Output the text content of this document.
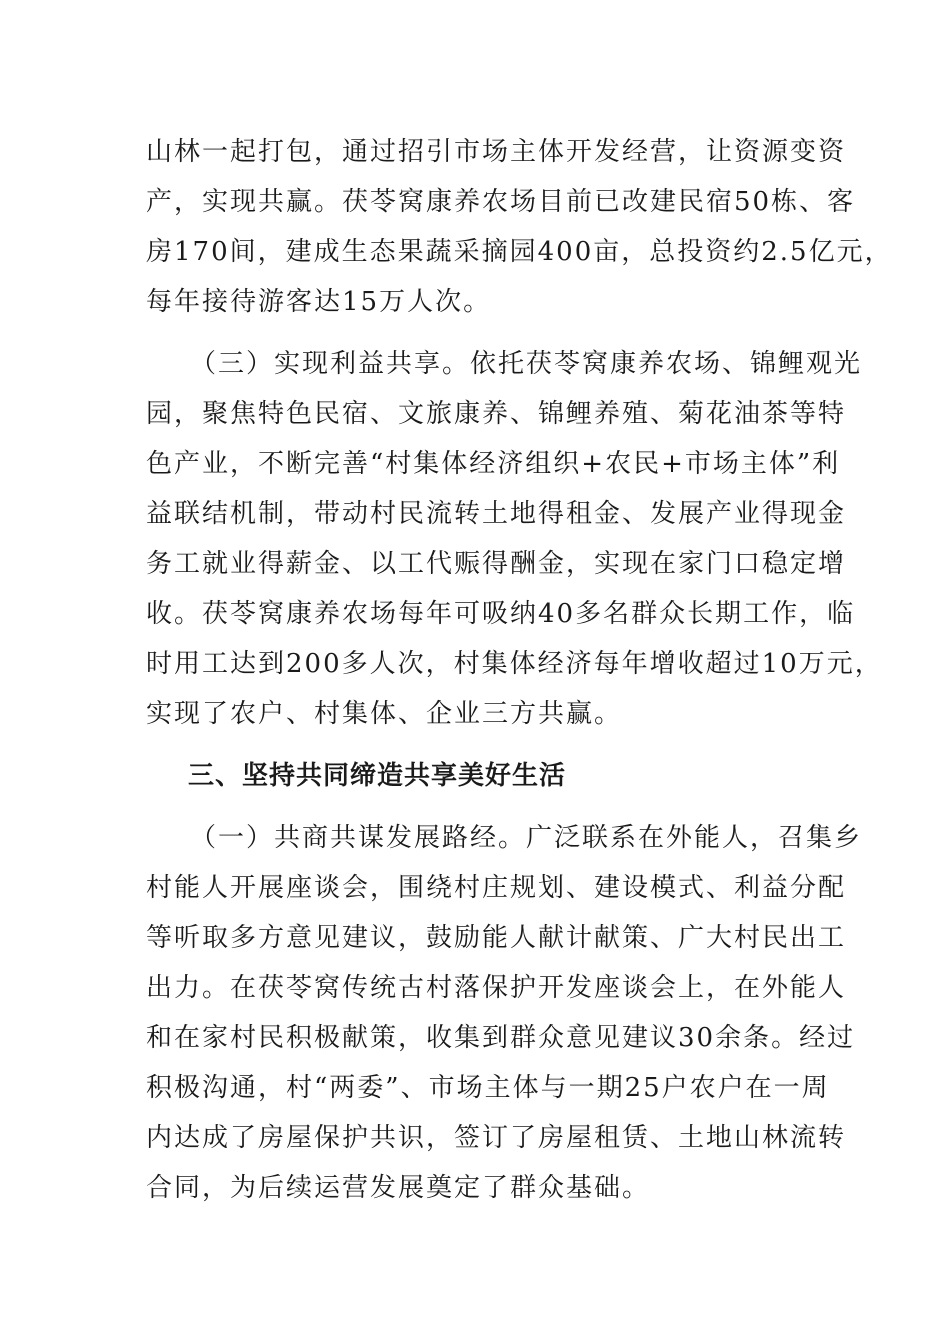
山林一起打包，通过招引市场主体开发经营，让资源变资
产，实现共赢。茯苓窝康养农场目前已改建民宿50栋、客
房170间，建成生态果蔬采摘园400亩，总投资约2.5亿元，
每年接待游客达15万人次。
（三）实现利益共享。依托茯苓窝康养农场、锦鲤观光
园，聚焦特色民宿、文旅康养、锦鲤养殖、菊花油茶等特
色产业，不断完善“村集体经济组织+农民+市场主体”利
益联结机制，带动村民流转土地得租金、发展产业得现金
务工就业得薪金、以工代赈得酬金，实现在家门口稳定增
收。茯苓窝康养农场每年可吸纳40多名群众长期工作，临
时用工达到200多人次，村集体经济每年增收超过10万元，
实现了农户、村集体、企业三方共赢。
三、坚持共同缔造共享美好生活
（一）共商共谋发展路经。广泛联系在外能人，召集乡
村能人开展座谈会，围绕村庄规划、建设模式、利益分配
等听取多方意见建议，鼓励能人献计献策、广大村民出工
出力。在茯苓窝传统古村落保护开发座谈会上，在外能人
和在家村民积极献策，收集到群众意见建议30余条。经过
积极沟通，村“两委”、市场主体与一期25户农户在一周
内达成了房屋保护共识，签订了房屋租赁、土地山林流转
合同，为后续运营发展奠定了群众基础。
